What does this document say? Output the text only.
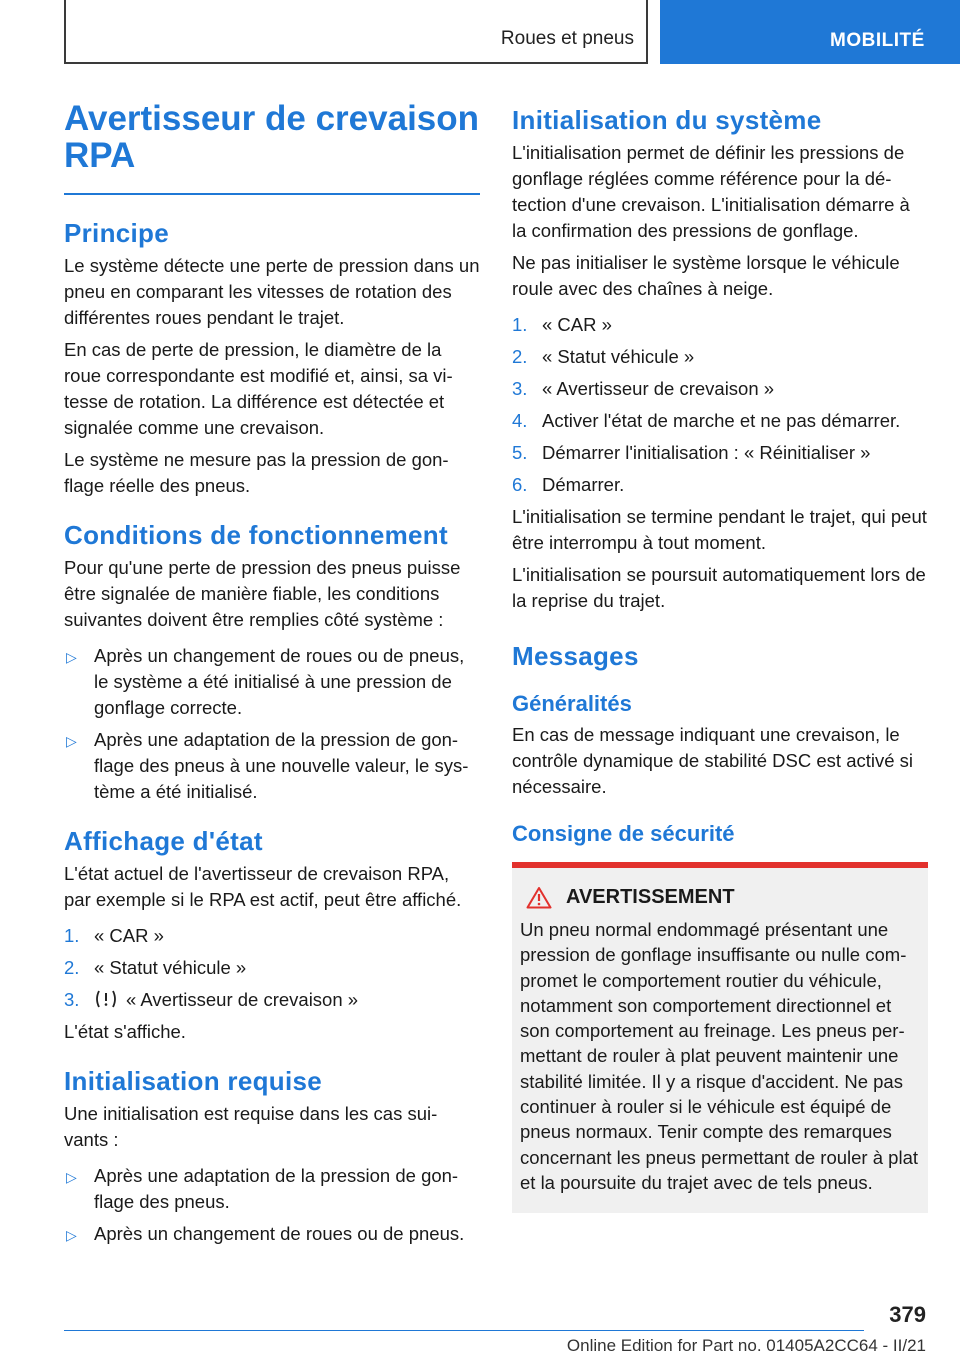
Roues et pneus	MOBILITÉ
Avertisseur de crevaison
RPA
Principe

Le système détecte une perte de pression dans un pneu en comparant les vitesses de rotation des différentes roues pendant le trajet.

En cas de perte de pression, le diamètre de la roue correspondante est modifié et, ainsi, sa vi-tesse de rotation. La différence est détectée et signalée comme une crevaison.

Le système ne mesure pas la pression de gon-flage réelle des pneus.

Conditions de fonctionnement

Pour qu'une perte de pression des pneus puisse être signalée de manière fiable, les conditions suivantes doivent être remplies côté système :

▷ Après un changement de roues ou de pneus, le système a été initialisé à une pression de gonflage correcte.
▷ Après une adaptation de la pression de gon-flage des pneus à une nouvelle valeur, le sys-tème a été initialisé.
Affichage d'état

L'état actuel de l'avertisseur de crevaison RPA, par exemple si le RPA est actif, peut être affiché.

1. « CAR »
2. « Statut véhicule »
3.	« Avertisseur de crevaison »

L'état s'affiche.

Initialisation requise

Une initialisation est requise dans les cas sui-vants :

▷ Après une adaptation de la pression de gon-flage des pneus.
▷ Après un changement de roues ou de pneus.
Initialisation du système

L'initialisation permet de définir les pressions de gonflage réglées comme référence pour la dé-tection d'une crevaison. L'initialisation démarre à la confirmation des pressions de gonflage.

Ne pas initialiser le système lorsque le véhicule roule avec des chaînes à neige.

1. « CAR »
2. « Statut véhicule »
3. « Avertisseur de crevaison »
4. Activer l'état de marche et ne pas démarrer.
5. Démarrer l'initialisation : « Réinitialiser »
6. Démarrer.

L'initialisation se termine pendant le trajet, qui peut être interrompu à tout moment.

L'initialisation se poursuit automatiquement lors de la reprise du trajet.

Messages
Généralités

En cas de message indiquant une crevaison, le contrôle dynamique de stabilité DSC est activé si nécessaire.

Consigne de sécurité
AVERTISSEMENT

Un pneu normal endommagé présentant une pression de gonflage insuffisante ou nulle com-promet le comportement routier du véhicule, notamment son comportement directionnel et son comportement au freinage. Les pneus per-mettant de rouler à plat peuvent maintenir une stabilité limitée. Il y a risque d'accident. Ne pas continuer à rouler si le véhicule est équipé de pneus normaux. Tenir compte des remarques concernant les pneus permettant de rouler à plat et la poursuite du trajet avec de tels pneus.

379
Online Edition for Part no. 01405A2CC64 - II/21
